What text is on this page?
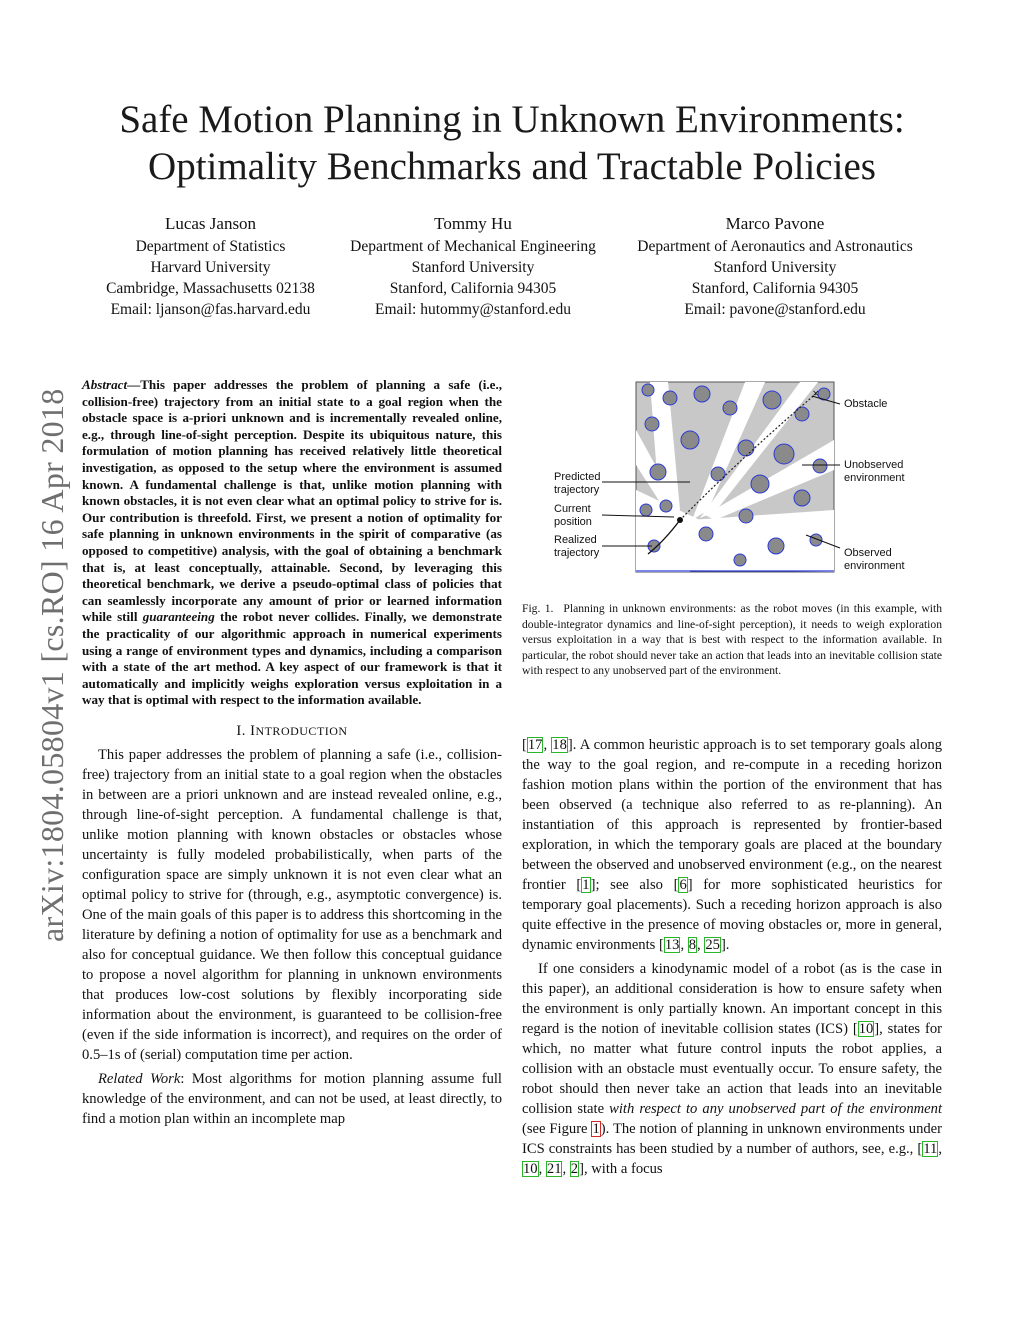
Safe Motion Planning in Unknown Environments:
Optimality Benchmarks and Tractable Policies
Lucas Janson
Department of Statistics
Harvard University
Cambridge, Massachusetts 02138
Email: ljanson@fas.harvard.edu
Tommy Hu
Department of Mechanical Engineering
Stanford University
Stanford, California 94305
Email: hutommy@stanford.edu
Marco Pavone
Department of Aeronautics and Astronautics
Stanford University
Stanford, California 94305
Email: pavone@stanford.edu
arXiv:1804.05804v1 [cs.RO] 16 Apr 2018

Abstract—This paper addresses the problem of planning a safe (i.e., collision-free) trajectory from an initial state to a goal region when the obstacle space is a-priori unknown and is incrementally revealed online, e.g., through line-of-sight perception. Despite its ubiquitous nature, this formulation of motion planning has received relatively little theoretical investigation, as opposed to the setup where the environment is assumed known. A fundamental challenge is that, unlike motion planning with known obstacles, it is not even clear what an optimal policy to strive for is. Our contribution is threefold. First, we present a notion of optimality for safe planning in unknown environments in the spirit of comparative (as opposed to competitive) analysis, with the goal of obtaining a benchmark that is, at least conceptually, attainable. Second, by leveraging this theoretical benchmark, we derive a pseudo-optimal class of policies that can seamlessly incorporate any amount of prior or learned information while still guaranteeing the robot never collides. Finally, we demonstrate the practicality of our algorithmic approach in numerical experiments using a range of environment types and dynamics, including a comparison with a state of the art method. A key aspect of our framework is that it automatically and implicitly weighs exploration versus exploitation in a way that is optimal with respect to the information available.

I. INTRODUCTION

This paper addresses the problem of planning a safe (i.e., collision-free) trajectory from an initial state to a goal region when the obstacles in between are a priori unknown and are instead revealed online, e.g., through line-of-sight perception. A fundamental challenge is that, unlike motion planning with known obstacles or obstacles whose uncertainty is fully modeled probabilistically, when parts of the configuration space are simply unknown it is not even clear what an optimal policy to strive for (through, e.g., asymptotic convergence) is. One of the main goals of this paper is to address this shortcoming in the literature by defining a notion of optimality for use as a benchmark and also for conceptual guidance. We then follow this conceptual guidance to propose a novel algorithm for planning in unknown environments that produces low-cost solutions by flexibly incorporating side information about the environment, is guaranteed to be collision-free (even if the side information is incorrect), and requires on the order of 0.5–1s of (serial) computation time per action.

Related Work: Most algorithms for motion planning assume full knowledge of the environment, and can not be used, at least directly, to find a motion plan within an incomplete map

×
Obstacle
Unobserved
environment
Observed
environment
Predicted
trajectory
Current
position
Realized
trajectory
Fig. 1. Planning in unknown environments: as the robot moves (in this example, with double-integrator dynamics and line-of-sight perception), it needs to weigh exploration versus exploitation in a way that is best with respect to the information available. In particular, the robot should never take an action that leads into an inevitable collision state with respect to any unobserved part of the environment.

[17, 18]. A common heuristic approach is to set temporary goals along the way to the goal region, and re-compute in a receding horizon fashion motion plans within the portion of the environment that has been observed (a technique also referred to as re-planning). An instantiation of this approach is represented by frontier-based exploration, in which the temporary goals are placed at the boundary between the observed and unobserved environment (e.g., on the nearest frontier [1]; see also [6] for more sophisticated heuristics for temporary goal placements). Such a receding horizon approach is also quite effective in the presence of moving obstacles or, more in general, dynamic environments [13, 8, 25].

If one considers a kinodynamic model of a robot (as is the case in this paper), an additional consideration is how to ensure safety when the environment is only partially known. An important concept in this regard is the notion of inevitable collision states (ICS) [10], states for which, no matter what future control inputs the robot applies, a collision with an obstacle must eventually occur. To ensure safety, the robot should then never take an action that leads into an inevitable collision state with respect to any unobserved part of the environment (see Figure 1). The notion of planning in unknown environments under ICS constraints has been studied by a number of authors, see, e.g., [11, 10, 21, 2], with a focus
